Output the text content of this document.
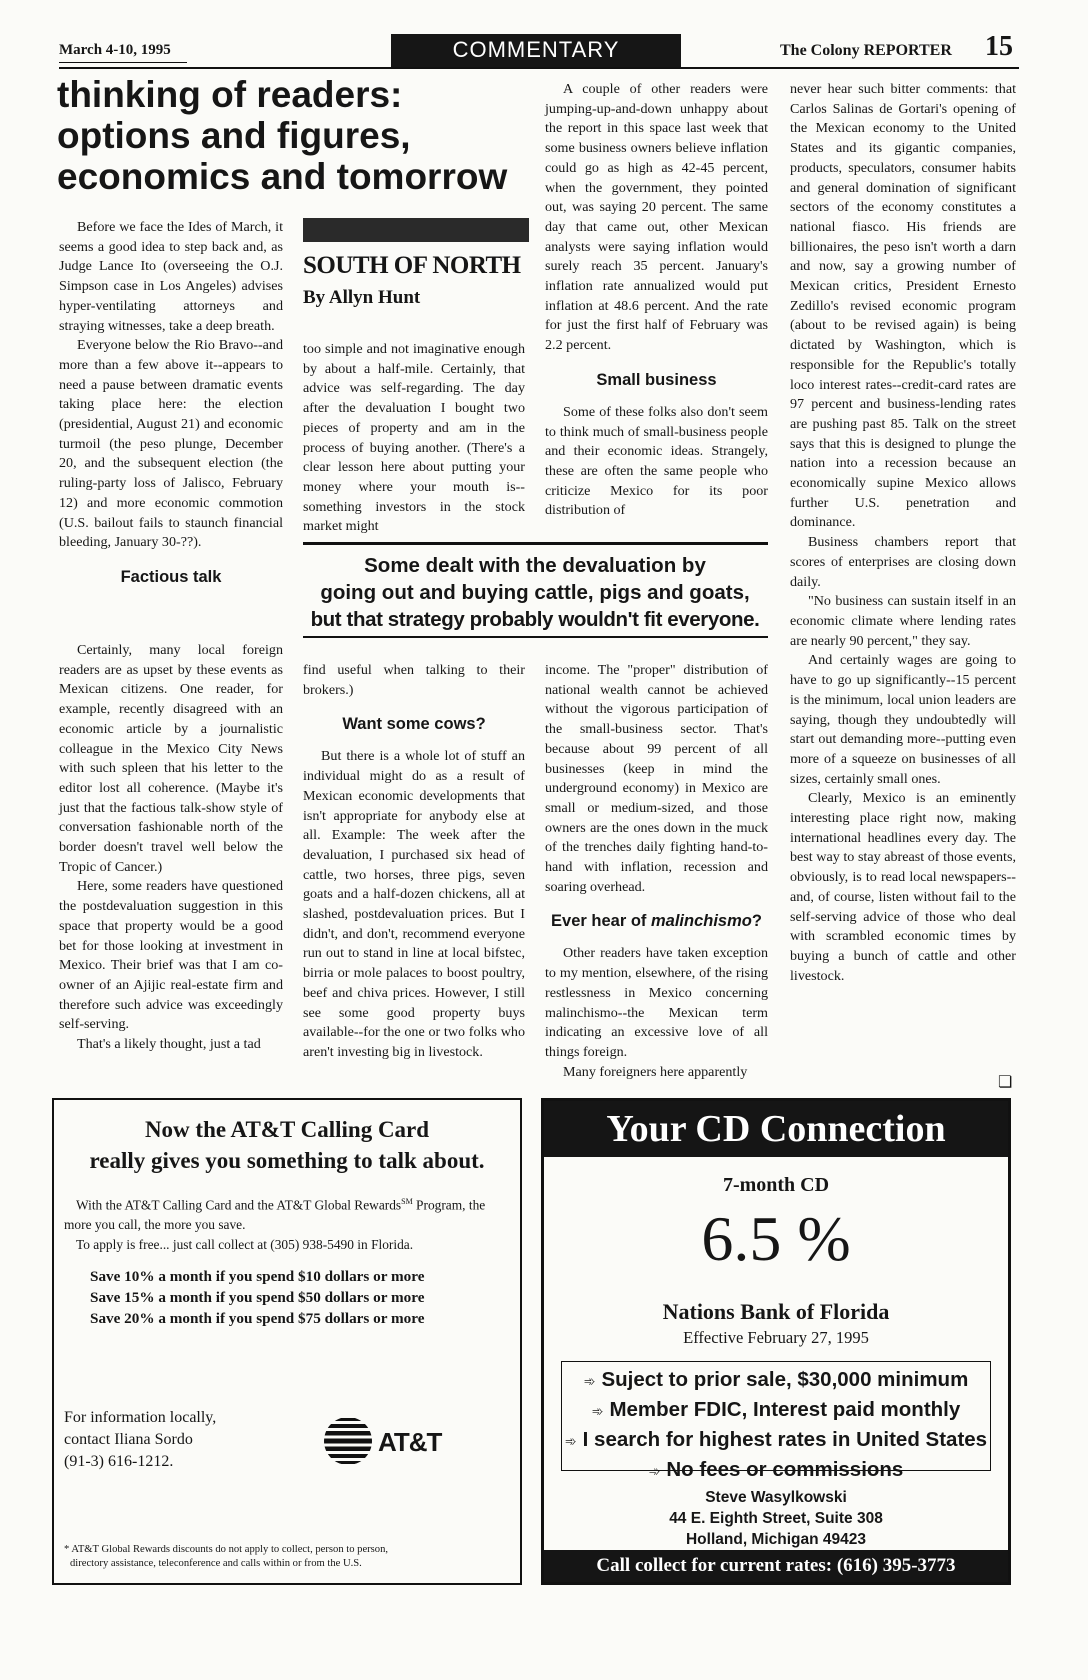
March 4-10, 1995	COMMENTARY	The Colony REPORTER 15
thinking of readers:
options and figures,
economics and tomorrow

Before we face the Ides of March, it seems a good idea to step back and, as Judge Lance Ito (overseeing the O.J. Simpson case in Los Angeles) advises hyper-ventilating attorneys and straying witnesses, take a deep breath.

Everyone below the Rio Bravo--and more than a few above it--appears to need a pause between dramatic events taking place here: the election (presidential, August 21) and economic turmoil (the peso plunge, December 20, and the subsequent election (the ruling-party loss of Jalisco, February 12) and more economic commotion (U.S. bailout fails to staunch financial bleeding, January 30-??).

Factious talk
SOUTH OF NORTH
By Allyn Hunt

too simple and not imaginative enough by about a half-mile. Certainly, that advice was self-regarding. The day after the devaluation I bought two pieces of property and am in the process of buying another. (There's a clear lesson here about putting your money where your mouth is--something investors in the stock market might

A couple of other readers were jumping-up-and-down unhappy about the report in this space last week that some business owners believe inflation could go as high as 42-45 percent, when the government, they pointed out, was saying 20 percent. The same day that came out, other Mexican analysts were saying inflation would surely reach 35 percent. January's inflation rate annualized would put inflation at 48.6 percent. And the rate for just the first half of February was 2.2 percent.

Small business

Some of these folks also don't seem to think much of small-business people and their economic ideas. Strangely, these are often the same people who criticize Mexico for its poor distribution of

Some dealt with the devaluation by
going out and buying cattle, pigs and goats,
but that strategy probably wouldn't fit everyone.

Certainly, many local foreign readers are as upset by these events as Mexican citizens. One reader, for example, recently disagreed with an economic article by a journalistic colleague in the Mexico City News with such spleen that his letter to the editor lost all coherence. (Maybe it's just that the factious talk-show style of conversation fashionable north of the border doesn't travel well below the Tropic of Cancer.)

Here, some readers have questioned the postdevaluation suggestion in this space that property would be a good bet for those looking at investment in Mexico. Their brief was that I am co-owner of an Ajijic real-estate firm and therefore such advice was exceedingly self-serving.

That's a likely thought, just a tad

find useful when talking to their brokers.)

Want some cows?

But there is a whole lot of stuff an individual might do as a result of Mexican economic developments that isn't appropriate for anybody else at all. Example: The week after the devaluation, I purchased six head of cattle, two horses, three pigs, seven goats and a half-dozen chickens, all at slashed, postdevaluation prices. But I didn't, and don't, recommend everyone run out to stand in line at local bifstec, birria or mole palaces to boost poultry, beef and chiva prices. However, I still see some good property buys available--for the one or two folks who aren't investing big in livestock.

income. The "proper" distribution of national wealth cannot be achieved without the vigorous participation of the small-business sector. That's because about 99 percent of all businesses (keep in mind the underground economy) in Mexico are small or medium-sized, and those owners are the ones down in the muck of the trenches daily fighting hand-to-hand with inflation, recession and soaring overhead.

Ever hear of malinchismo?

Other readers have taken exception to my mention, elsewhere, of the rising restlessness in Mexico concerning malinchismo--the Mexican term indicating an excessive love of all things foreign.

Many foreigners here apparently

never hear such bitter comments: that Carlos Salinas de Gortari's opening of the Mexican economy to the United States and its gigantic companies, products, speculators, consumer habits and general domination of significant sectors of the economy constitutes a national fiasco. His friends are billionaires, the peso isn't worth a darn and now, say a growing number of Mexican critics, President Ernesto Zedillo's revised economic program (about to be revised again) is being dictated by Washington, which is responsible for the Republic's totally loco interest rates--credit-card rates are 97 percent and business-lending rates are pushing past 85. Talk on the street says that this is designed to plunge the nation into a recession because an economically supine Mexico allows further U.S. penetration and dominance.

Business chambers report that scores of enterprises are closing down daily.

"No business can sustain itself in an economic climate where lending rates are nearly 90 percent," they say.

And certainly wages are going to have to go up significantly--15 percent is the minimum, local union leaders are saying, though they undoubtedly will start out demanding more--putting even more of a squeeze on businesses of all sizes, certainly small ones.

Clearly, Mexico is an eminently interesting place right now, making international headlines every day. The best way to stay abreast of those events, obviously, is to read local newspapers--and, of course, listen without fail to the self-serving advice of those who deal with scrambled economic times by buying a bunch of cattle and other livestock.

❏
Now the AT&T Calling Card
really gives you something to talk about.

With the AT&T Calling Card and the AT&T Global Rewards℠ Program, the more you call, the more you save.

To apply is free... just call collect at (305) 938-5490 in Florida.

Save 10% a month if you spend $10 dollars or more
Save 15% a month if you spend $50 dollars or more
Save 20% a month if you spend $75 dollars or more
For information locally,
contact Iliana Sordo
(91-3) 616-1212.
AT&T
* AT&T Global Rewards discounts do not apply to collect, person to person,
directory assistance, teleconference and calls within or from the U.S.
Your CD Connection
7-month CD
6.5 %
Nations Bank of Florida
Effective February 27, 1995
➾ Suject to prior sale, $30,000 minimum
➾ Member FDIC, Interest paid monthly
➾ I search for highest rates in United States
➾ No fees or commissions
Steve Wasylkowski
44 E. Eighth Street, Suite 308
Holland, Michigan 49423
Call collect for current rates: (616) 395-3773
